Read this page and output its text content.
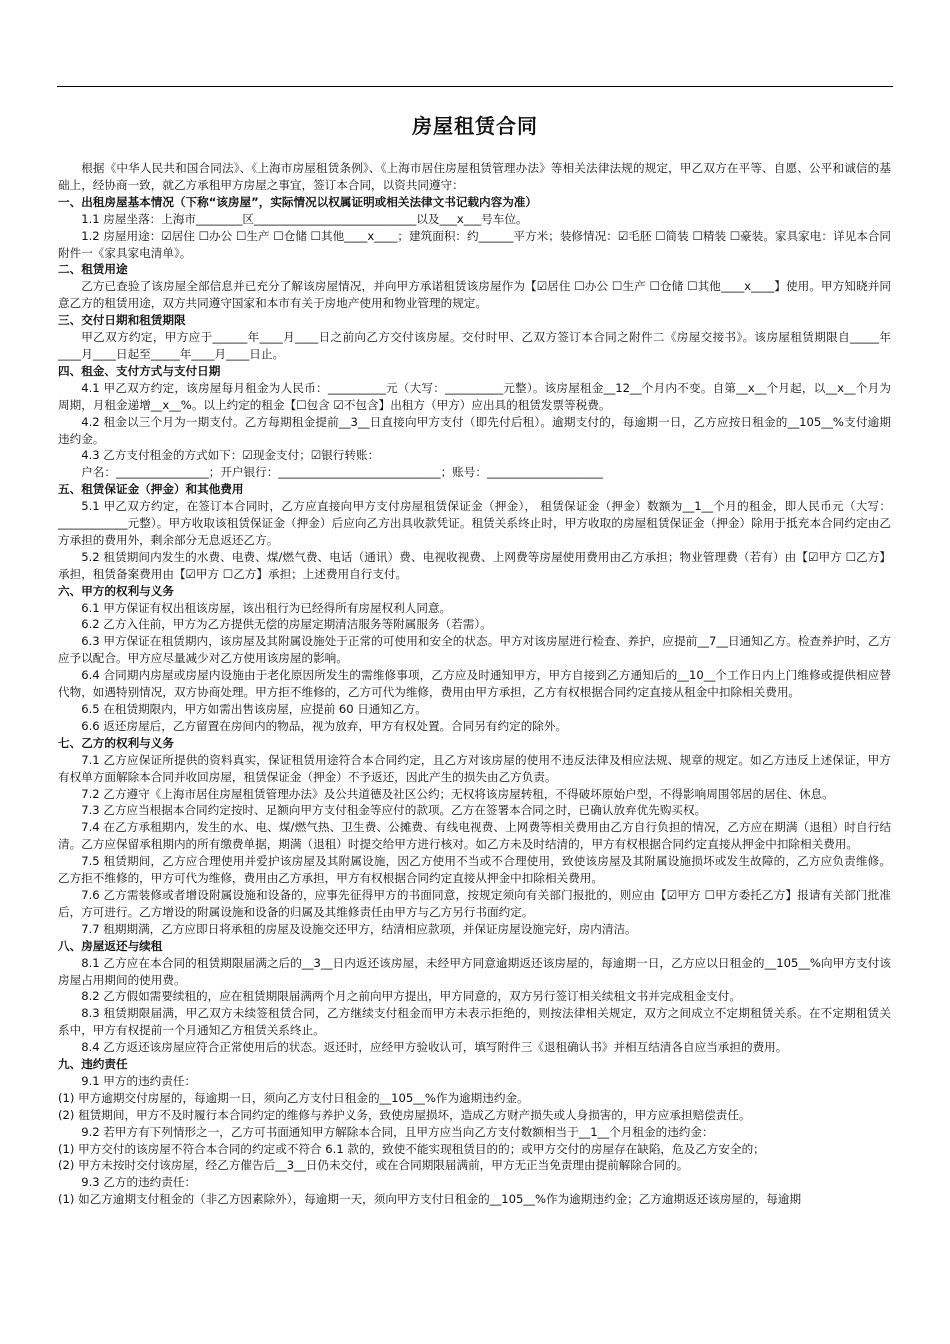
房屋租赁合同

根据《中华人民共和国合同法》、《上海市房屋租赁条例》、《上海市居住房屋租赁管理办法》等相关法律法规的规定，甲乙双方在平等、自愿、公平和诚信的基础上，经协商一致，就乙方承租甲方房屋之事宜，签订本合同，以资共同遵守：

一、出租房屋基本情况（下称“该房屋”，实际情况以权属证明或相关法律文书记载内容为准）

1.1 房屋坐落：上海市________区____________________________以及___x___号车位。

1.2 房屋用途：☑居住 ☐办公 ☐生产 ☐仓储 ☐其他____x____；建筑面积：约______平方米；装修情况：☑毛胚 ☐简装 ☐精装 ☐豪装。家具家电：详见本合同附件一《家具家电清单》。

二、租赁用途

乙方已查验了该房屋全部信息并已充分了解该房屋情况，并向甲方承诺租赁该房屋作为【☑居住 ☐办公 ☐生产 ☐仓储 ☐其他____x____】使用。甲方知晓并同意乙方的租赁用途，双方共同遵守国家和本市有关于房地产使用和物业管理的规定。

三、交付日期和租赁期限

甲乙双方约定，甲方应于______年____月____日之前向乙方交付该房屋。交付时甲、乙双方签订本合同之附件二《房屋交接书》。该房屋租赁期限自_____年____月____日起至_____年____月____日止。

四、租金、支付方式与支付日期

4.1 甲乙双方约定，该房屋每月租金为人民币：__________元（大写：__________元整）。该房屋租金__12__个月内不变。自第__x__个月起，以__x__个月为周期，月租金递增__x__%。以上约定的租金【☐包含 ☑不包含】出租方（甲方）应出具的租赁发票等税费。

4.2 租金以三个月为一期支付。乙方每期租金提前__3__日直接向甲方支付（即先付后租）。逾期支付的，每逾期一日，乙方应按日租金的__105__%支付逾期违约金。

4.3 乙方支付租金的方式如下：☑现金支付；☑银行转账：

户名：________________；开户银行：____________________________；账号：____________________

五、租赁保证金（押金）和其他费用

5.1 甲乙双方约定，在签订本合同时，乙方应直接向甲方支付房屋租赁保证金（押金）， 租赁保证金（押金）数额为__1__个月的租金，即人民币元（大写：____________元整）。甲方收取该租赁保证金（押金）后应向乙方出具收款凭证。租赁关系终止时，甲方收取的房屋租赁保证金（押金）除用于抵充本合同约定由乙方承担的费用外，剩余部分无息返还乙方。

5.2 租赁期间内发生的水费、电费、煤/燃气费、电话（通讯）费、电视收视费、上网费等房屋使用费用由乙方承担；物业管理费（若有）由【☑甲方 ☐乙方】承担，租赁备案费用由【☑甲方 ☐乙方】承担；上述费用自行支付。

六、甲方的权利与义务

6.1 甲方保证有权出租该房屋，该出租行为已经得所有房屋权利人同意。

6.2 乙方入住前，甲方为乙方提供无偿的房屋定期清洁服务等附属服务（若需）。

6.3 甲方保证在租赁期内，该房屋及其附属设施处于正常的可使用和安全的状态。甲方对该房屋进行检查、养护，应提前__7__日通知乙方。检查养护时，乙方应予以配合。甲方应尽量减少对乙方使用该房屋的影响。

6.4 合同期内房屋或房屋内设施由于老化原因所发生的需维修事项，乙方应及时通知甲方，甲方自接到乙方通知后的__10__个工作日内上门维修或提供相应替代物，如遇特别情况，双方协商处理。甲方拒不维修的，乙方可代为维修，费用由甲方承担，乙方有权根据合同约定直接从租金中扣除相关费用。

6.5 在租赁期限内，甲方如需出售该房屋，应提前 60 日通知乙方。

6.6 返还房屋后，乙方留置在房间内的物品，视为放弃，甲方有权处置。合同另有约定的除外。

七、乙方的权利与义务

7.1 乙方应保证所提供的资料真实，保证租赁用途符合本合同约定，且乙方对该房屋的使用不违反法律及相应法规、规章的规定。如乙方违反上述保证，甲方有权单方面解除本合同并收回房屋，租赁保证金（押金）不予返还，因此产生的损失由乙方负责。

7.2 乙方遵守《上海市居住房屋租赁管理办法》及公共道德及社区公约；无权将该房屋转租，不得破坏原始户型，不得影响周围邻居的居住、休息。

7.3 乙方应当根据本合同约定按时、足额向甲方支付租金等应付的款项。乙方在签署本合同之时，已确认放弃优先购买权。

7.4 在乙方承租期内，发生的水、电、煤/燃气热、卫生费、公摊费、有线电视费、上网费等相关费用由乙方自行负担的情况，乙方应在期满（退租）时自行结清。乙方应保留承租期内的所有缴费单据，期满（退租）时提交给甲方进行核对。如乙方未及时结清的，甲方有权根据合同约定直接从押金中扣除相关费用。

7.5 租赁期间，乙方应合理使用并爱护该房屋及其附属设施，因乙方使用不当或不合理使用，致使该房屋及其附属设施损坏或发生故障的，乙方应负责维修。乙方拒不维修的，甲方可代为维修，费用由乙方承担，甲方有权根据合同约定直接从押金中扣除相关费用。

7.6 乙方需装修或者增设附属设施和设备的，应事先征得甲方的书面同意，按规定须向有关部门报批的，则应由【☑甲方 ☐甲方委托乙方】报请有关部门批准后，方可进行。乙方增设的附属设施和设备的归属及其维修责任由甲方与乙方另行书面约定。

7.7 租期期满，乙方应即日将承租的房屋及设施交还甲方，结清相应款项，并保证房屋设施完好，房内清洁。

八、房屋返还与续租

8.1 乙方应在本合同的租赁期限届满之后的__3__日内返还该房屋，未经甲方同意逾期返还该房屋的，每逾期一日，乙方应以日租金的__105__%向甲方支付该房屋占用期间的使用费。

8.2 乙方假如需要续租的，应在租赁期限届满两个月之前向甲方提出，甲方同意的，双方另行签订相关续租文书并完成租金支付。

8.3 租赁期限届满，甲乙双方未续签租赁合同，乙方继续支付租金而甲方未表示拒绝的，则按法律相关规定，双方之间成立不定期租赁关系。在不定期租赁关系中，甲方有权提前一个月通知乙方租赁关系终止。

8.4 乙方返还该房屋应符合正常使用后的状态。返还时，应经甲方验收认可，填写附件三《退租确认书》并相互结清各自应当承担的费用。

九、违约责任

9.1 甲方的违约责任：

(1) 甲方逾期交付房屋的，每逾期一日，须向乙方支付日租金的__105__%作为逾期违约金。

(2) 租赁期间，甲方不及时履行本合同约定的维修与养护义务，致使房屋损坏，造成乙方财产损失或人身损害的，甲方应承担赔偿责任。

9.2 若甲方有下列情形之一，乙方可书面通知甲方解除本合同，且甲方应当向乙方支付数额相当于__1__个月租金的违约金：

(1) 甲方交付的该房屋不符合本合同的约定或不符合 6.1 款的，致使不能实现租赁目的的；或甲方交付的房屋存在缺陷，危及乙方安全的；

(2) 甲方未按时交付该房屋，经乙方催告后__3__日仍未交付，或在合同期限届满前，甲方无正当免责理由提前解除合同的。

9.3 乙方的违约责任：

(1) 如乙方逾期支付租金的（非乙方因素除外），每逾期一天，须向甲方支付日租金的__105__%作为逾期违约金；乙方逾期返还该房屋的，每逾期
